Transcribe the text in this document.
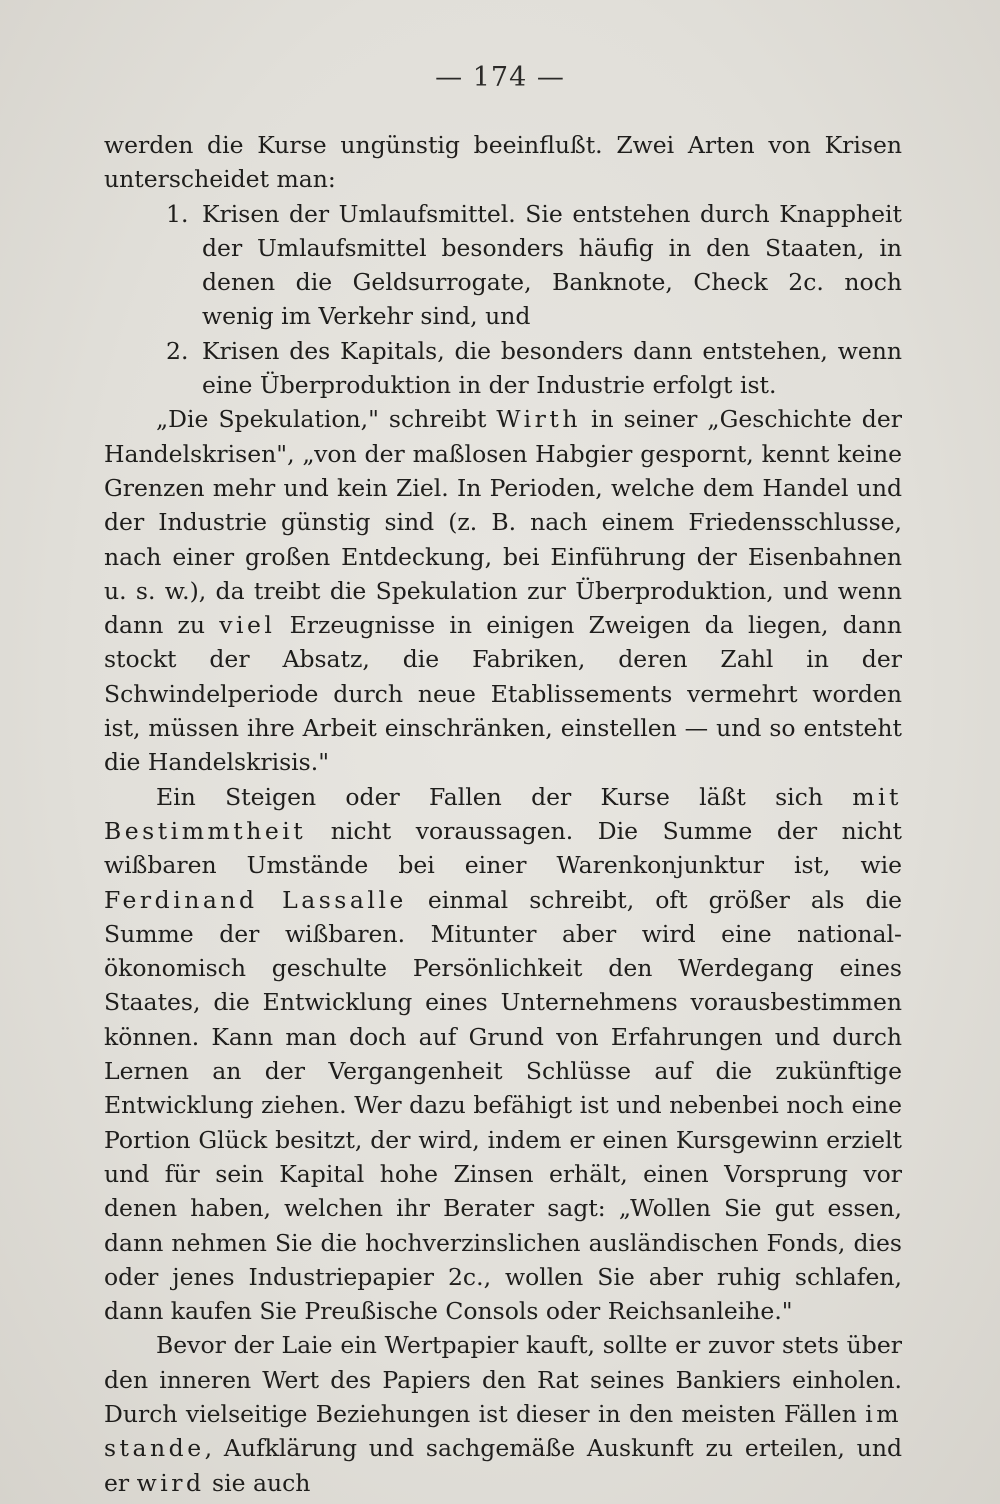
— 174 —

werden die Kurse ungünstig beeinflußt. Zwei Arten von Krisen unterscheidet man:

1. Krisen der Umlaufsmittel. Sie entstehen durch Knappheit der Umlaufsmittel besonders häufig in den Staaten, in denen die Geldsurrogate, Banknote, Check 2c. noch wenig im Verkehr sind, und

2. Krisen des Kapitals, die besonders dann entstehen, wenn eine Überproduktion in der Industrie erfolgt ist.

„Die Spekulation," schreibt Wirth in seiner „Geschichte der Handelskrisen", „von der maßlosen Habgier gespornt, kennt keine Grenzen mehr und kein Ziel. In Perioden, welche dem Handel und der Industrie günstig sind (z. B. nach einem Friedensschlusse, nach einer großen Entdeckung, bei Einführung der Eisenbahnen u. s. w.), da treibt die Spekulation zur Überproduktion, und wenn dann zu viel Erzeugnisse in einigen Zweigen da liegen, dann stockt der Absatz, die Fabriken, deren Zahl in der Schwindelperiode durch neue Etablissements vermehrt worden ist, müssen ihre Arbeit einschränken, einstellen — und so entsteht die Handelskrisis."

Ein Steigen oder Fallen der Kurse läßt sich mit Bestimmtheit nicht voraussagen. Die Summe der nicht wißbaren Umstände bei einer Warenkonjunktur ist, wie Ferdinand Lassalle einmal schreibt, oft größer als die Summe der wißbaren. Mitunter aber wird eine nationalökonomisch geschulte Persönlichkeit den Werdegang eines Staates, die Entwicklung eines Unternehmens vorausbestimmen können. Kann man doch auf Grund von Erfahrungen und durch Lernen an der Vergangenheit Schlüsse auf die zukünftige Entwicklung ziehen. Wer dazu befähigt ist und nebenbei noch eine Portion Glück besitzt, der wird, indem er einen Kursgewinn erzielt und für sein Kapital hohe Zinsen erhält, einen Vorsprung vor denen haben, welchen ihr Berater sagt: „Wollen Sie gut essen, dann nehmen Sie die hochverzinslichen ausländischen Fonds, dies oder jenes Industriepapier 2c., wollen Sie aber ruhig schlafen, dann kaufen Sie Preußische Consols oder Reichsanleihe."

Bevor der Laie ein Wertpapier kauft, sollte er zuvor stets über den inneren Wert des Papiers den Rat seines Bankiers einholen. Durch vielseitige Beziehungen ist dieser in den meisten Fällen im stande, Aufklärung und sachgemäße Auskunft zu erteilen, und er wird sie auch
